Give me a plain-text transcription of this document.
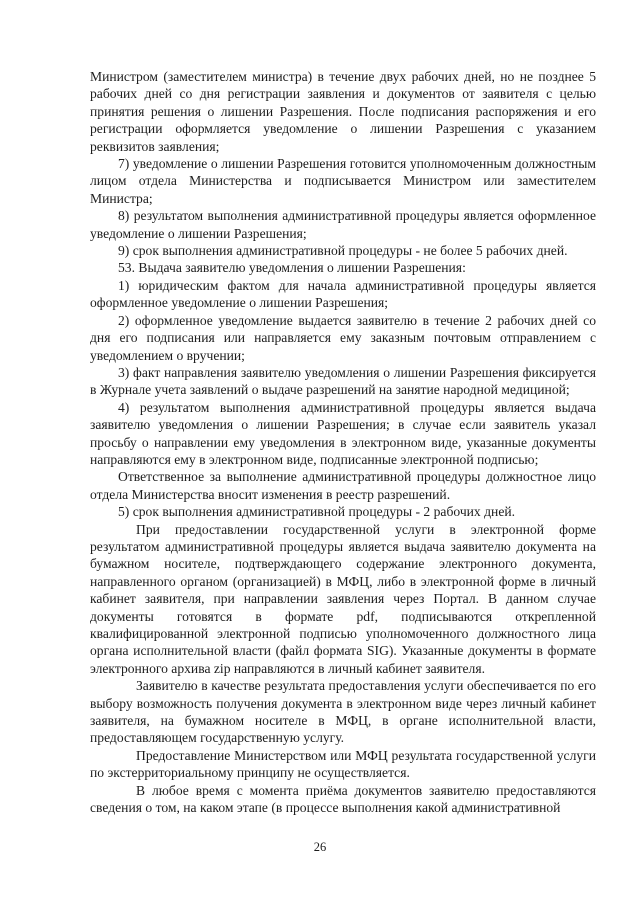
Министром (заместителем министра) в течение двух рабочих дней, но не позднее 5 рабочих дней со дня регистрации заявления и документов от заявителя с целью принятия решения о лишении Разрешения. После подписания распоряжения и его регистрации оформляется уведомление о лишении Разрешения с указанием реквизитов заявления;

7) уведомление о лишении Разрешения готовится уполномоченным должностным лицом отдела Министерства и подписывается Министром или заместителем Министра;

8) результатом выполнения административной процедуры является оформленное уведомление о лишении Разрешения;

9) срок выполнения административной процедуры - не более 5 рабочих дней.

53. Выдача заявителю уведомления о лишении Разрешения:

1) юридическим фактом для начала административной процедуры является оформленное уведомление о лишении Разрешения;

2) оформленное уведомление выдается заявителю в течение 2 рабочих дней со дня его подписания или направляется ему заказным почтовым отправлением с уведомлением о вручении;

3) факт направления заявителю уведомления о лишении Разрешения фиксируется в Журнале учета заявлений о выдаче разрешений на занятие народной медициной;

4) результатом выполнения административной процедуры является выдача заявителю уведомления о лишении Разрешения; в случае если заявитель указал просьбу о направлении ему уведомления в электронном виде, указанные документы направляются ему в электронном виде, подписанные электронной подписью;

Ответственное за выполнение административной процедуры должностное лицо отдела Министерства вносит изменения в реестр разрешений.

5) срок выполнения административной процедуры - 2 рабочих дней.

При предоставлении государственной услуги в электронной форме результатом административной процедуры является выдача заявителю документа на бумажном носителе, подтверждающего содержание электронного документа, направленного органом (организацией) в МФЦ, либо в электронной форме в личный кабинет заявителя, при направлении заявления через Портал. В данном случае документы готовятся в формате pdf, подписываются открепленной квалифицированной электронной подписью уполномоченного должностного лица органа исполнительной власти (файл формата SIG). Указанные документы в формате электронного архива zip направляются в личный кабинет заявителя.

Заявителю в качестве результата предоставления услуги обеспечивается по его выбору возможность получения документа в электронном виде через личный кабинет заявителя, на бумажном носителе в МФЦ, в органе исполнительной власти, предоставляющем государственную услугу.

Предоставление Министерством или МФЦ результата государственной услуги по экстерриториальному принципу не осуществляется.

В любое время с момента приёма документов заявителю предоставляются сведения о том, на каком этапе (в процессе выполнения какой административной

26
